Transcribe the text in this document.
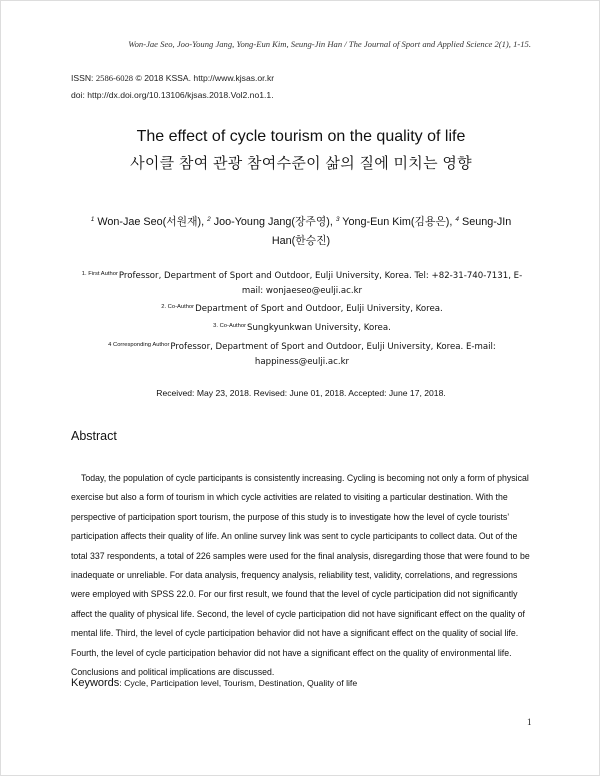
Won-Jae Seo, Joo-Young Jang, Yong-Eun Kim, Seung-Jin Han / The Journal of Sport and Applied Science 2(1), 1-15.
ISSN: 2586-6028 © 2018 KSSA. http://www.kjsas.or.kr
doi: http://dx.doi.org/10.13106/kjsas.2018.Vol2.no1.1.
The effect of cycle tourism on the quality of life
사이클 참여 관광 참여수준이 삶의 질에 미치는 영향
$^1$ Won-Jae Seo(서원재), $^2$ Joo-Young Jang(장주영), $^3$ Yong-Eun Kim(김용은), $^4$ Seung-JIn Han(한승진)
$^{1. First Author}$Professor, Department of Sport and Outdoor, Eulji University, Korea. Tel: +82-31-740-7131, E-mail: wonjaeseo@eulji.ac.kr
$^{2. Co-Author}$Department of Sport and Outdoor, Eulji University, Korea.
$^{3. Co-Author}$Sungkyunkwan University, Korea.
$^{4 Corresponding Author}$Professor, Department of Sport and Outdoor, Eulji University, Korea. E-mail: happiness@eulji.ac.kr
Received: May 23, 2018. Revised: June 01, 2018. Accepted: June 17, 2018.
Abstract

Today, the population of cycle participants is consistently increasing. Cycling is becoming not only a form of physical exercise but also a form of tourism in which cycle activities are related to visiting a particular destination. With the perspective of participation sport tourism, the purpose of this study is to investigate how the level of cycle tourists’ participation affects their quality of life. An online survey link was sent to cycle participants to collect data. Out of the total 337 respondents, a total of 226 samples were used for the final analysis, disregarding those that were found to be inadequate or unreliable. For data analysis, frequency analysis, reliability test, validity, correlations, and regressions were employed with SPSS 22.0. For our first result, we found that the level of cycle participation did not significantly affect the quality of physical life. Second, the level of cycle participation did not have significant effect on the quality of mental life. Third, the level of cycle participation behavior did not have a significant effect on the quality of social life. Fourth, the level of cycle participation behavior did not have a significant effect on the quality of environmental life. Conclusions and political implications are discussed.

Keywords: Cycle, Participation level, Tourism, Destination, Quality of life
1
